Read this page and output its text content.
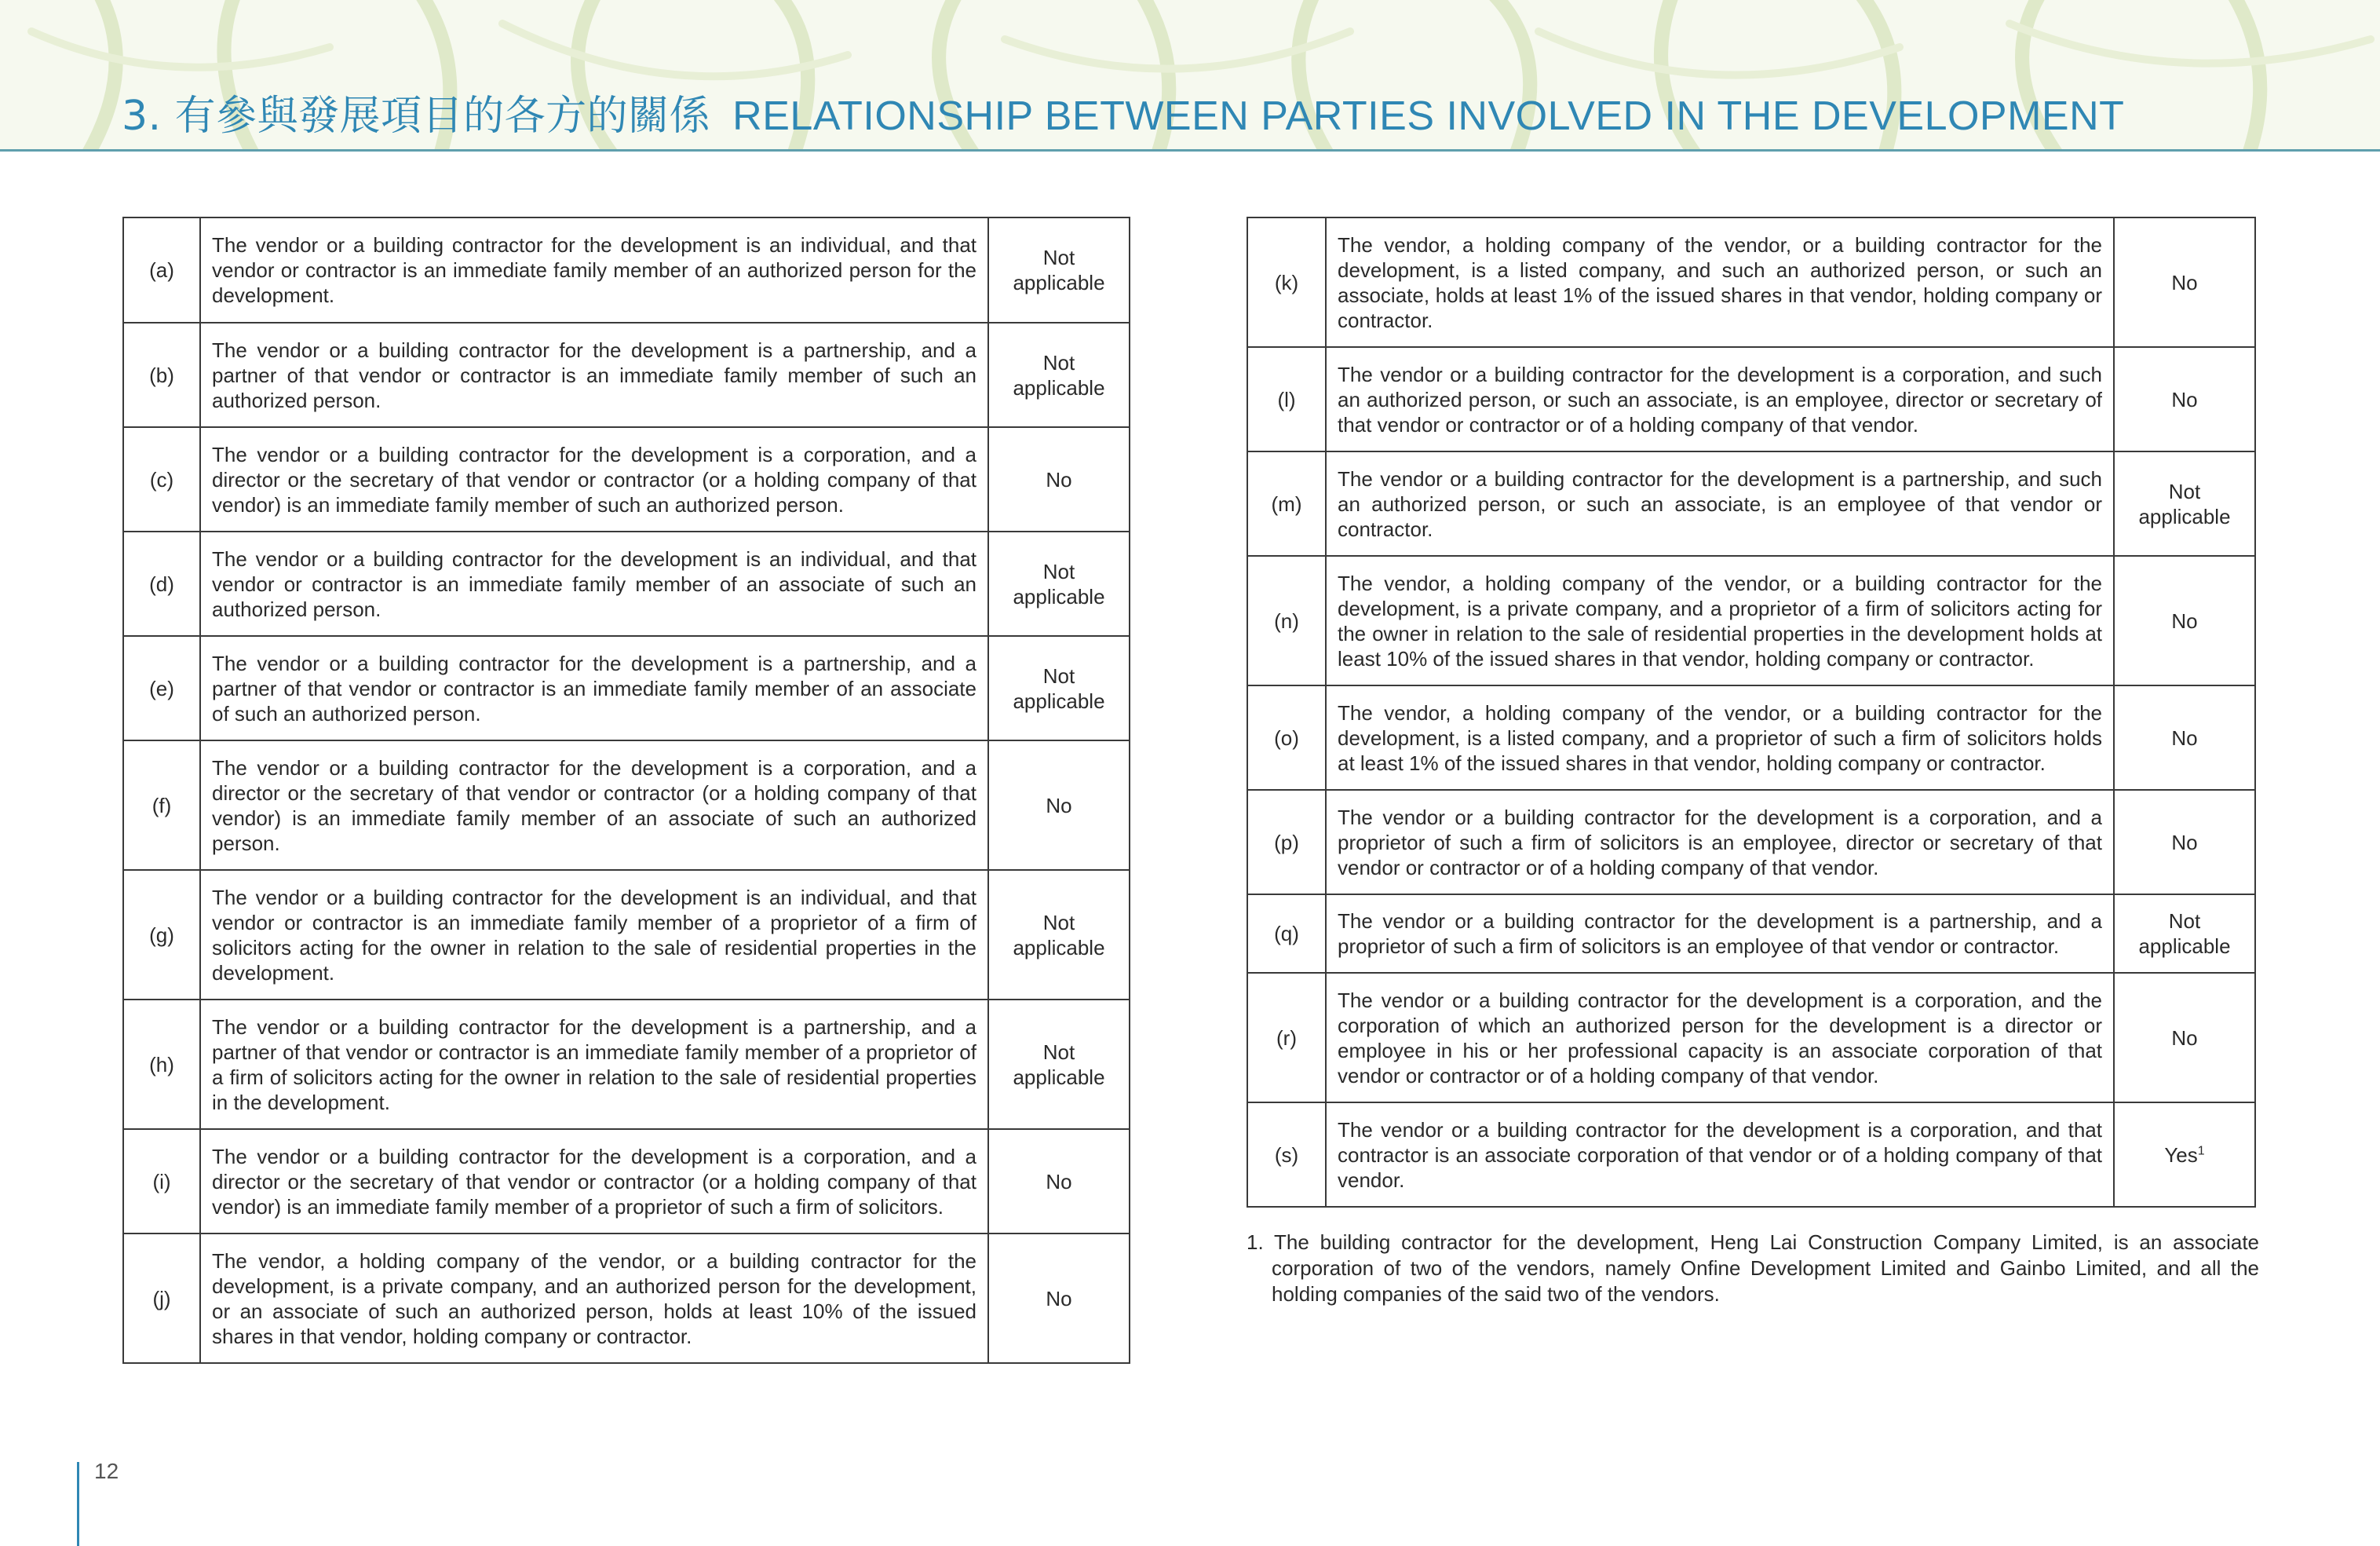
3. 有參與發展項目的各方的關係 RELATIONSHIP BETWEEN PARTIES INVOLVED IN THE DEVELOPMENT
(a)	The vendor or a building contractor for the development is an individual, and that vendor or contractor is an immediate family member of an authorized person for the development.	Not applicable
(b)	The vendor or a building contractor for the development is a partnership, and a partner of that vendor or contractor is an immediate family member of such an authorized person.	Not applicable
(c)	The vendor or a building contractor for the development is a corporation, and a director or the secretary of that vendor or contractor (or a holding company of that vendor) is an immediate family member of such an authorized person.	No
(d)	The vendor or a building contractor for the development is an individual, and that vendor or contractor is an immediate family member of an associate of such an authorized person.	Not applicable
(e)	The vendor or a building contractor for the development is a partnership, and a partner of that vendor or contractor is an immediate family member of an associate of such an authorized person.	Not applicable
(f)	The vendor or a building contractor for the development is a corporation, and a director or the secretary of that vendor or contractor (or a holding company of that vendor) is an immediate family member of an associate of such an authorized person.	No
(g)	The vendor or a building contractor for the development is an individual, and that vendor or contractor is an immediate family member of a proprietor of a firm of solicitors acting for the owner in relation to the sale of residential properties in the development.	Not applicable
(h)	The vendor or a building contractor for the development is a partnership, and a partner of that vendor or contractor is an immediate family member of a proprietor of a firm of solicitors acting for the owner in relation to the sale of residential properties in the development.	Not applicable
(i)	The vendor or a building contractor for the development is a corporation, and a director or the secretary of that vendor or contractor (or a holding company of that vendor) is an immediate family member of a proprietor of such a firm of solicitors.	No
(j)	The vendor, a holding company of the vendor, or a building contractor for the development, is a private company, and an authorized person for the development, or an associate of such an authorized person, holds at least 10% of the issued shares in that vendor, holding company or contractor.	No
(k)	The vendor, a holding company of the vendor, or a building contractor for the development, is a listed company, and such an authorized person, or such an associate, holds at least 1% of the issued shares in that vendor, holding company or contractor.	No
(l)	The vendor or a building contractor for the development is a corporation, and such an authorized person, or such an associate, is an employee, director or secretary of that vendor or contractor or of a holding company of that vendor.	No
(m)	The vendor or a building contractor for the development is a partnership, and such an authorized person, or such an associate, is an employee of that vendor or contractor.	Not applicable
(n)	The vendor, a holding company of the vendor, or a building contractor for the development, is a private company, and a proprietor of a firm of solicitors acting for the owner in relation to the sale of residential properties in the development holds at least 10% of the issued shares in that vendor, holding company or contractor.	No
(o)	The vendor, a holding company of the vendor, or a building contractor for the development, is a listed company, and a proprietor of such a firm of solicitors holds at least 1% of the issued shares in that vendor, holding company or contractor.	No
(p)	The vendor or a building contractor for the development is a corporation, and a proprietor of such a firm of solicitors is an employee, director or secretary of that vendor or contractor or of a holding company of that vendor.	No
(q)	The vendor or a building contractor for the development is a partnership, and a proprietor of such a firm of solicitors is an employee of that vendor or contractor.	Not applicable
(r)	The vendor or a building contractor for the development is a corporation, and the corporation of which an authorized person for the development is a director or employee in his or her professional capacity is an associate corporation of that vendor or contractor or of a holding company of that vendor.	No
(s)	The vendor or a building contractor for the development is a corporation, and that contractor is an associate corporation of that vendor or of a holding company of that vendor.	Yes$^1$
1. The building contractor for the development, Heng Lai Construction Company Limited, is an associate corporation of two of the vendors, namely Onfine Development Limited and Gainbo Limited, and all the holding companies of the said two of the vendors.
12
